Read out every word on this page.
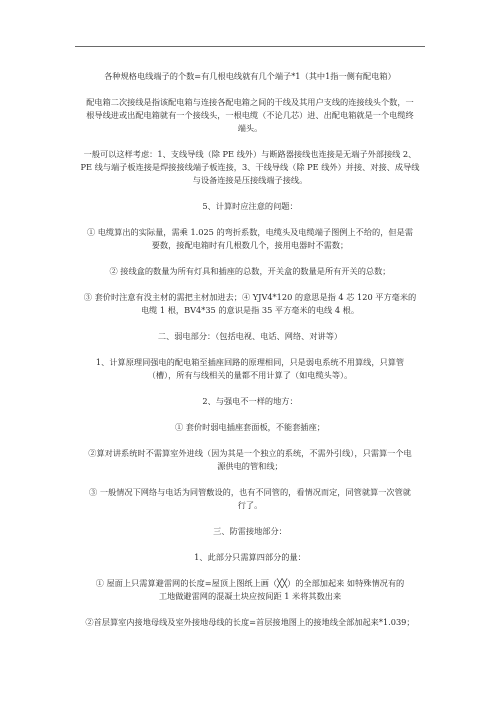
各种规格电线端子的个数=有几根电线就有几个端子*1（其中1指一侧有配电箱）

配电箱二次接线是指该配电箱与连接各配电箱之间的干线及其用户支线的连接线头个数，一
根导线进或出配电箱就有一个接线头，一根电缆（不论几芯）进、出配电箱就是一个电缆终
端头。

一般可以这样考虑：1、支线导线（除 PE 线外）与断路器接线也连接是无端子外部接线 2、
PE 线与端子板连接是焊接接线端子板连接，3、干线导线（除 PE 线外）并接、对接、成导线
与设备连接是压接线端子接线。

5、计算时应注意的问题：

① 电缆算出的实际量，需乘 1.025 的弯折系数，电缆头及电缆端子图例上不给的，但是需
要数，接配电箱时有几根数几个，接用电器时不需数；

② 接线盒的数量为所有灯具和插座的总数，开关盒的数量是所有开关的总数；

③ 套价时注意有没主材的需把主材加进去；④ YJV4*120 的意思是指 4 芯 120 平方毫米的
电缆 1 根，BV4*35 的意识是指 35 平方毫米的电线 4 根。

二、弱电部分：（包括电视、电话、网络、对讲等）

1、计算原理同强电的配电箱至插座回路的原理相同，只是弱电系统不用算线，只算管
（槽），所有与线相关的量都不用计算了（如电缆头等）。

2、与强电不一样的地方：

① 套价时弱电插座套面板，不能套插座；

②算对讲系统时不需算室外进线（因为其是一个独立的系统，不需外引线），只需算一个电
源供电的管和线；

③ 一般情况下网络与电话为同管敷设的，也有不同管的，看情况而定，同管就算一次管就
行了。

三、防雷接地部分：

1、此部分只需算四部分的量：

① 屋面上只需算避雷网的长度=屋顶上图纸上画（╳╳）的全部加起来 如特殊情况有的
工地做避雷网的混凝土块应按间距 1 米将其数出来

②首层算室内接地母线及室外接地母线的长度=首层接地图上的接地线全部加起来*1.039；
